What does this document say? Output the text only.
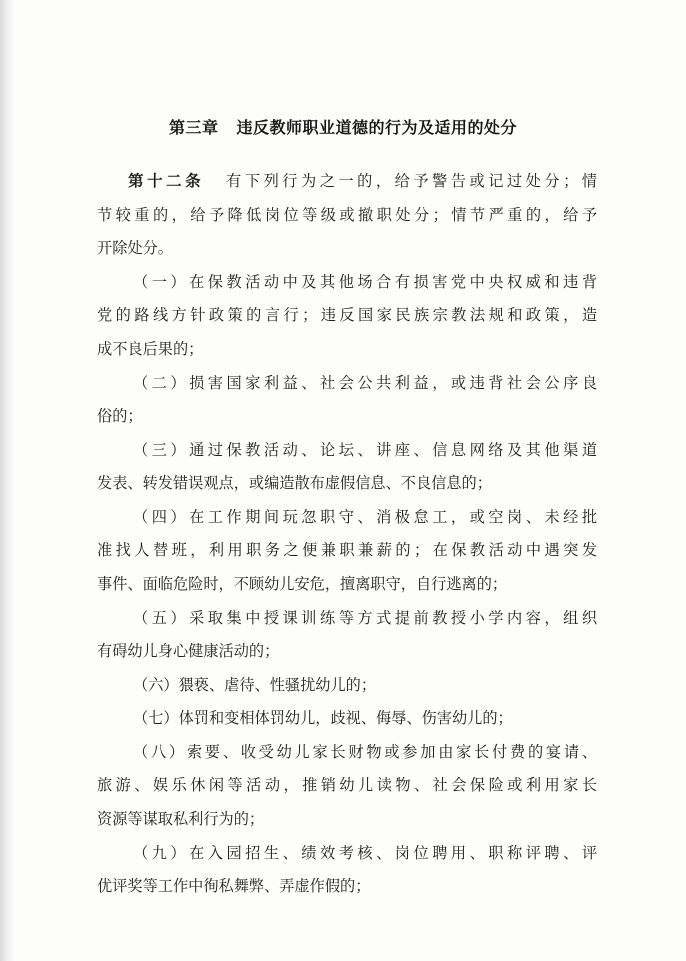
第三章 违反教师职业道德的行为及适用的处分
第十二条 有下列行为之一的，给予警告或记过处分；情
节较重的，给予降低岗位等级或撤职处分；情节严重的，给予
开除处分。
（一）在保教活动中及其他场合有损害党中央权威和违背
党的路线方针政策的言行；违反国家民族宗教法规和政策，造
成不良后果的；
（二）损害国家利益、社会公共利益，或违背社会公序良
俗的；
（三）通过保教活动、论坛、讲座、信息网络及其他渠道
发表、转发错误观点，或编造散布虚假信息、不良信息的；
（四）在工作期间玩忽职守、消极怠工，或空岗、未经批
准找人替班，利用职务之便兼职兼薪的；在保教活动中遇突发
事件、面临危险时，不顾幼儿安危，擅离职守，自行逃离的；
（五）采取集中授课训练等方式提前教授小学内容，组织
有碍幼儿身心健康活动的；
（六）猥亵、虐待、性骚扰幼儿的；
（七）体罚和变相体罚幼儿，歧视、侮辱、伤害幼儿的；
（八）索要、收受幼儿家长财物或参加由家长付费的宴请、
旅游、娱乐休闲等活动，推销幼儿读物、社会保险或利用家长
资源等谋取私利行为的；
（九）在入园招生、绩效考核、岗位聘用、职称评聘、评
优评奖等工作中徇私舞弊、弄虚作假的；
